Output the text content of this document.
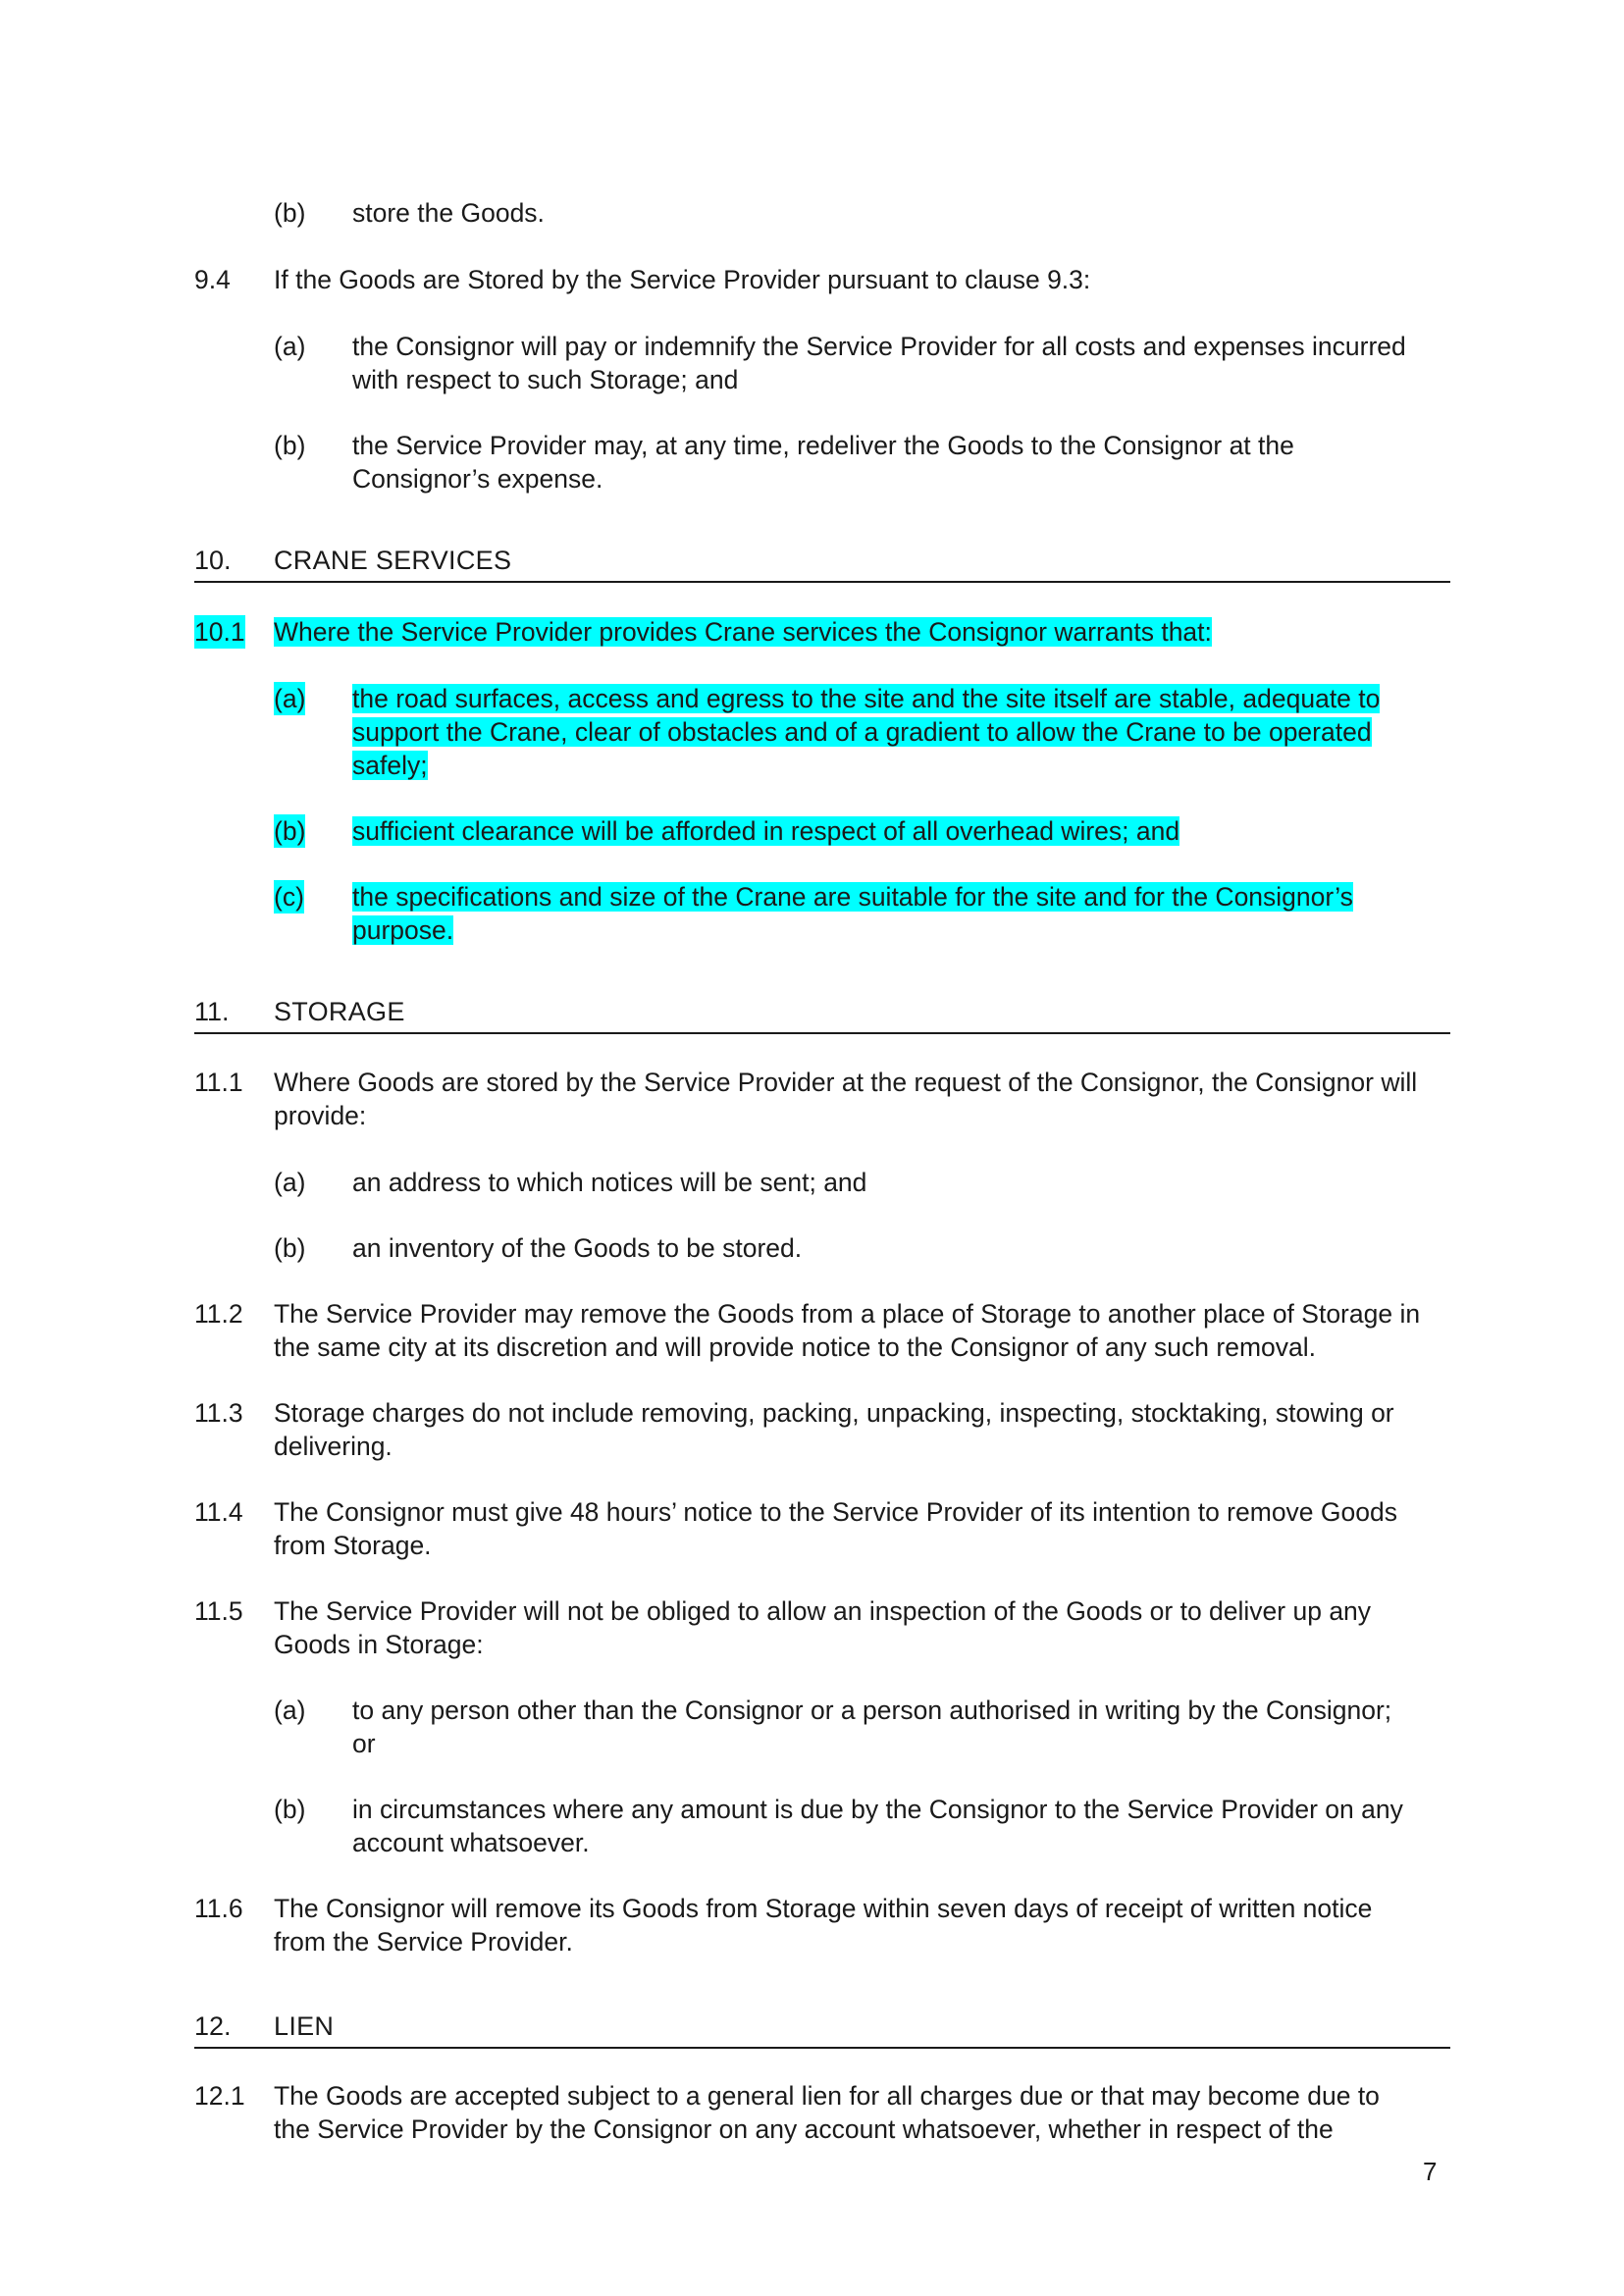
(b) store the Goods.
9.4 If the Goods are Stored by the Service Provider pursuant to clause 9.3:
(a) the Consignor will pay or indemnify the Service Provider for all costs and expenses incurred
with respect to such Storage; and
(b) the Service Provider may, at any time, redeliver the Goods to the Consignor at the
Consignor’s expense.
10. CRANE SERVICES
10.1 Where the Service Provider provides Crane services the Consignor warrants that:
(a) the road surfaces, access and egress to the site and the site itself are stable, adequate to
support the Crane, clear of obstacles and of a gradient to allow the Crane to be operated
safely;
(b) sufficient clearance will be afforded in respect of all overhead wires; and
(c) the specifications and size of the Crane are suitable for the site and for the Consignor’s
purpose.
11. STORAGE
11.1 Where Goods are stored by the Service Provider at the request of the Consignor, the Consignor will
provide:
(a) an address to which notices will be sent; and
(b) an inventory of the Goods to be stored.
11.2 The Service Provider may remove the Goods from a place of Storage to another place of Storage in
the same city at its discretion and will provide notice to the Consignor of any such removal.
11.3 Storage charges do not include removing, packing, unpacking, inspecting, stocktaking, stowing or
delivering.
11.4 The Consignor must give 48 hours’ notice to the Service Provider of its intention to remove Goods
from Storage.
11.5 The Service Provider will not be obliged to allow an inspection of the Goods or to deliver up any
Goods in Storage:
(a) to any person other than the Consignor or a person authorised in writing by the Consignor;
or
(b) in circumstances where any amount is due by the Consignor to the Service Provider on any
account whatsoever.
11.6 The Consignor will remove its Goods from Storage within seven days of receipt of written notice
from the Service Provider.
12. LIEN
12.1 The Goods are accepted subject to a general lien for all charges due or that may become due to
the Service Provider by the Consignor on any account whatsoever, whether in respect of the
7
